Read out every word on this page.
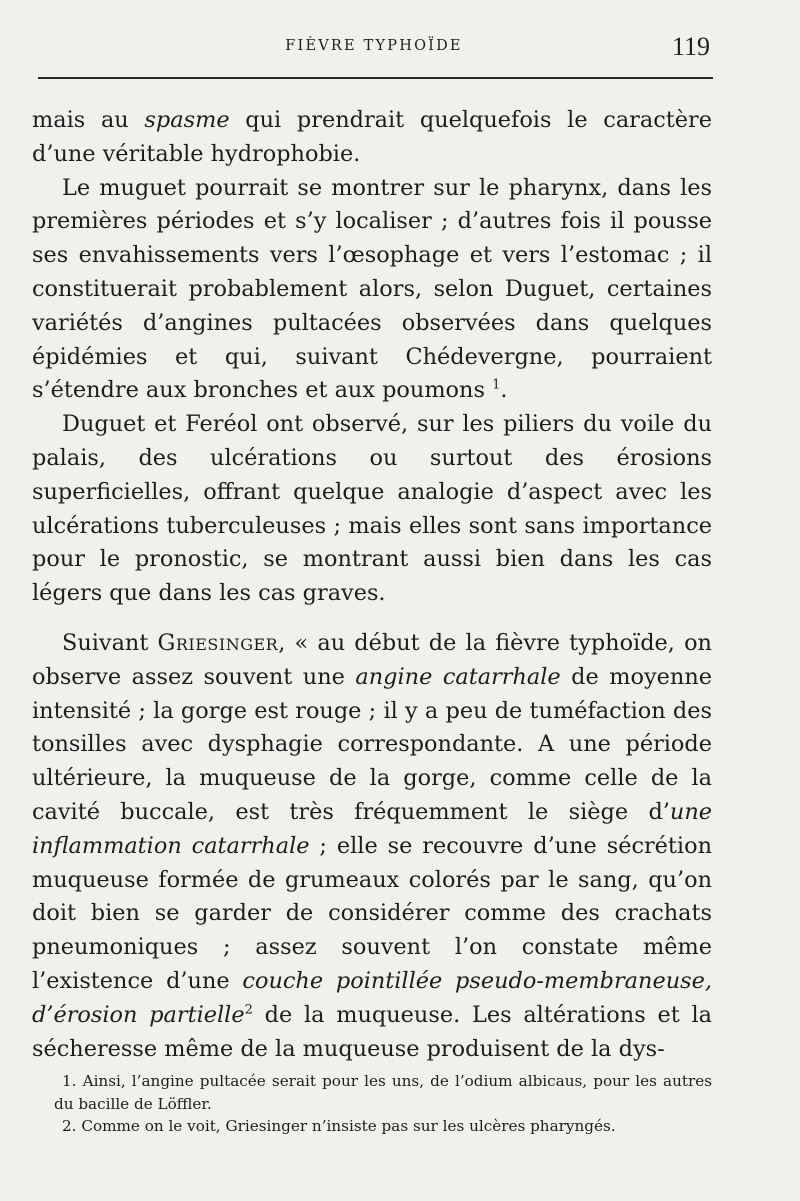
FIÈVRE TYPHOÏDE	119

mais au spasme qui prendrait quelquefois le caractère d’une véritable hydrophobie.

Le muguet pourrait se montrer sur le pharynx, dans les premières périodes et s’y localiser ; d’autres fois il pousse ses envahissements vers l’œsophage et vers l’estomac ; il constituerait probablement alors, selon Duguet, certaines variétés d’angines pultacées observées dans quelques épidémies et qui, suivant Chédevergne, pourraient s’étendre aux bronches et aux poumons $^1$.

Duguet et Feréol ont observé, sur les piliers du voile du palais, des ulcérations ou surtout des érosions superficielles, offrant quelque analogie d’aspect avec les ulcérations tuberculeuses ; mais elles sont sans importance pour le pronostic, se montrant aussi bien dans les cas légers que dans les cas graves.

Suivant Griesinger, « au début de la fièvre typhoïde, on observe assez souvent une angine catarrhale de moyenne intensité ; la gorge est rouge ; il y a peu de tuméfaction des tonsilles avec dysphagie correspondante. A une période ultérieure, la muqueuse de la gorge, comme celle de la cavité buccale, est très fréquemment le siège d’une inflammation catarrhale ; elle se recouvre d’une sécrétion muqueuse formée de grumeaux colorés par le sang, qu’on doit bien se garder de considérer comme des crachats pneumoniques ; assez souvent l’on constate même l’existence d’une couche pointillée pseudo-membraneuse, d’érosion partielle$^2$ de la muqueuse. Les altérations et la sécheresse même de la muqueuse produisent de la dys-

1. Ainsi, l’angine pultacée serait pour les uns, de l’odium albicaus, pour les autres du bacille de Löffler.

2. Comme on le voit, Griesinger n’insiste pas sur les ulcères pharyngés.
